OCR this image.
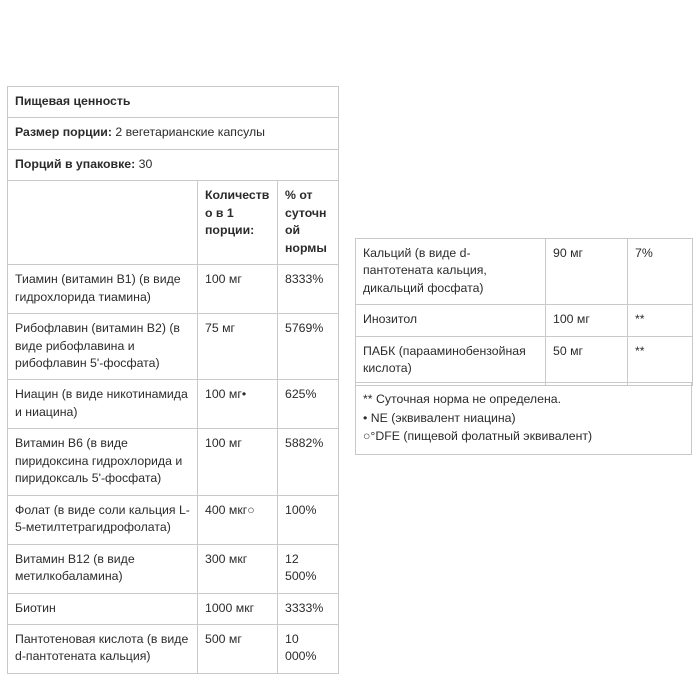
Пищевая ценность		
Размер порции: 2 вегетарианские капсулы		
Порций в упаковке: 30		
	Количество в 1 порции:	% от суточной нормы
Тиамин (витамин B1) (в виде гидрохлорида тиамина)	100 мг	8333%
Рибофлавин (витамин B2) (в виде рибофлавина и рибофлавин 5'-фосфата)	75 мг	5769%
Ниацин (в виде никотинамида и ниацина)	100 мг•	625%
Витамин B6 (в виде пиридоксина гидрохлорида и пиридоксаль 5'-фосфата)	100 мг	5882%
Фолат (в виде соли кальция L-5-метилтетрагидрофолата)	400 мкг○	100%
Витамин B12 (в виде метилкобаламина)	300 мкг	12 500%
Биотин	1000 мкг	3333%
Пантотеновая кислота (в виде d-пантотената кальция)	500 мг	10 000%
Кальций (в виде d-пантотената кальция, дикальций фосфата)	90 мг	7%
Инозитол	100 мг	**
ПАБК (парааминобензойная кислота)	50 мг	**
** Суточная норма не определена.
• NE (эквивалент ниацина)
○°DFE (пищевой фолатный эквивалент)
